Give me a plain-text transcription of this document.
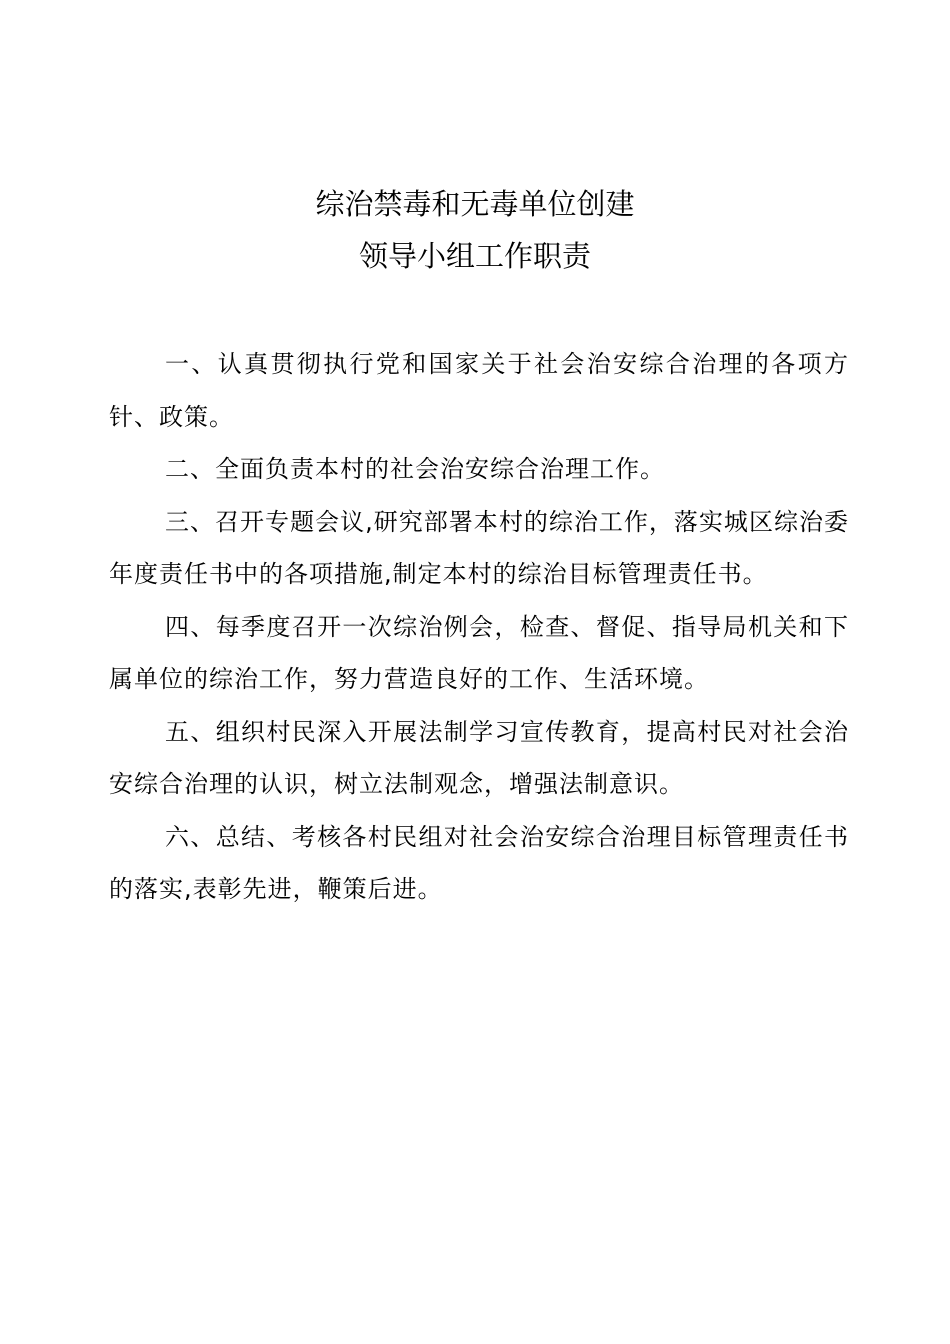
综治禁毒和无毒单位创建
领导小组工作职责

一、认真贯彻执行党和国家关于社会治安综合治理的各项方针、政策。

二、全面负责本村的社会治安综合治理工作。

三、召开专题会议,研究部署本村的综治工作，落实城区综治委年度责任书中的各项措施,制定本村的综治目标管理责任书。

四、每季度召开一次综治例会，检查、督促、指导局机关和下属单位的综治工作，努力营造良好的工作、生活环境。

五、组织村民深入开展法制学习宣传教育，提高村民对社会治安综合治理的认识，树立法制观念，增强法制意识。

六、总结、考核各村民组对社会治安综合治理目标管理责任书的落实,表彰先进，鞭策后进。
